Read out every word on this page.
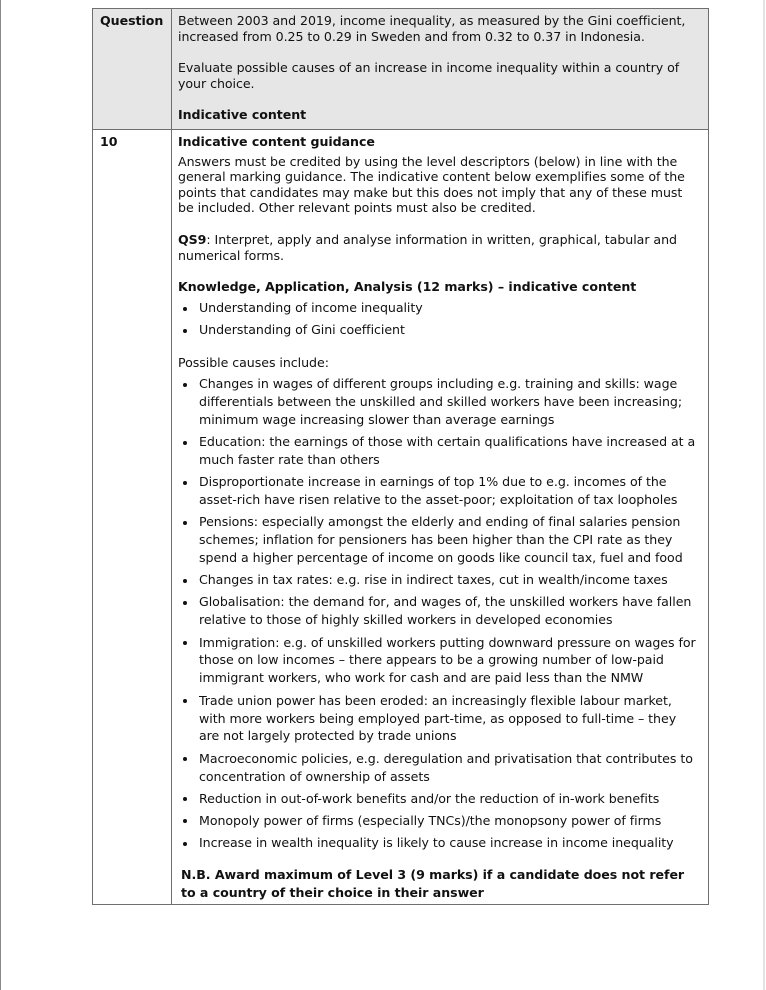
Question	Between 2003 and 2019, income inequality, as measured by the Gini coefficient, increased from 0.25 to 0.29 in Sweden and from 0.32 to 0.37 in Indonesia.

Evaluate possible causes of an increase in income inequality within a country of your choice.

Indicative content

10	Indicative content guidance

Answers must be credited by using the level descriptors (below) in line with the general marking guidance. The indicative content below exemplifies some of the points that candidates may make but this does not imply that any of these must be included. Other relevant points must also be credited.

QS9: Interpret, apply and analyse information in written, graphical, tabular and numerical forms.

Knowledge, Application, Analysis (12 marks) – indicative content

Understanding of income inequality
Understanding of Gini coefficient

Possible causes include:

Changes in wages of different groups including e.g. training and skills: wage differentials between the unskilled and skilled workers have been increasing; minimum wage increasing slower than average earnings
Education: the earnings of those with certain qualifications have increased at a much faster rate than others
Disproportionate increase in earnings of top 1% due to e.g. incomes of the asset-rich have risen relative to the asset-poor; exploitation of tax loopholes
Pensions: especially amongst the elderly and ending of final salaries pension schemes; inflation for pensioners has been higher than the CPI rate as they spend a higher percentage of income on goods like council tax, fuel and food
Changes in tax rates: e.g. rise in indirect taxes, cut in wealth/income taxes
Globalisation: the demand for, and wages of, the unskilled workers have fallen relative to those of highly skilled workers in developed economies
Immigration: e.g. of unskilled workers putting downward pressure on wages for those on low incomes – there appears to be a growing number of low-paid immigrant workers, who work for cash and are paid less than the NMW
Trade union power has been eroded: an increasingly flexible labour market, with more workers being employed part-time, as opposed to full-time – they are not largely protected by trade unions
Macroeconomic policies, e.g. deregulation and privatisation that contributes to concentration of ownership of assets
Reduction in out-of-work benefits and/or the reduction of in-work benefits
Monopoly power of firms (especially TNCs)/the monopsony power of firms
Increase in wealth inequality is likely to cause increase in income inequality

N.B. Award maximum of Level 3 (9 marks) if a candidate does not refer to a country of their choice in their answer
